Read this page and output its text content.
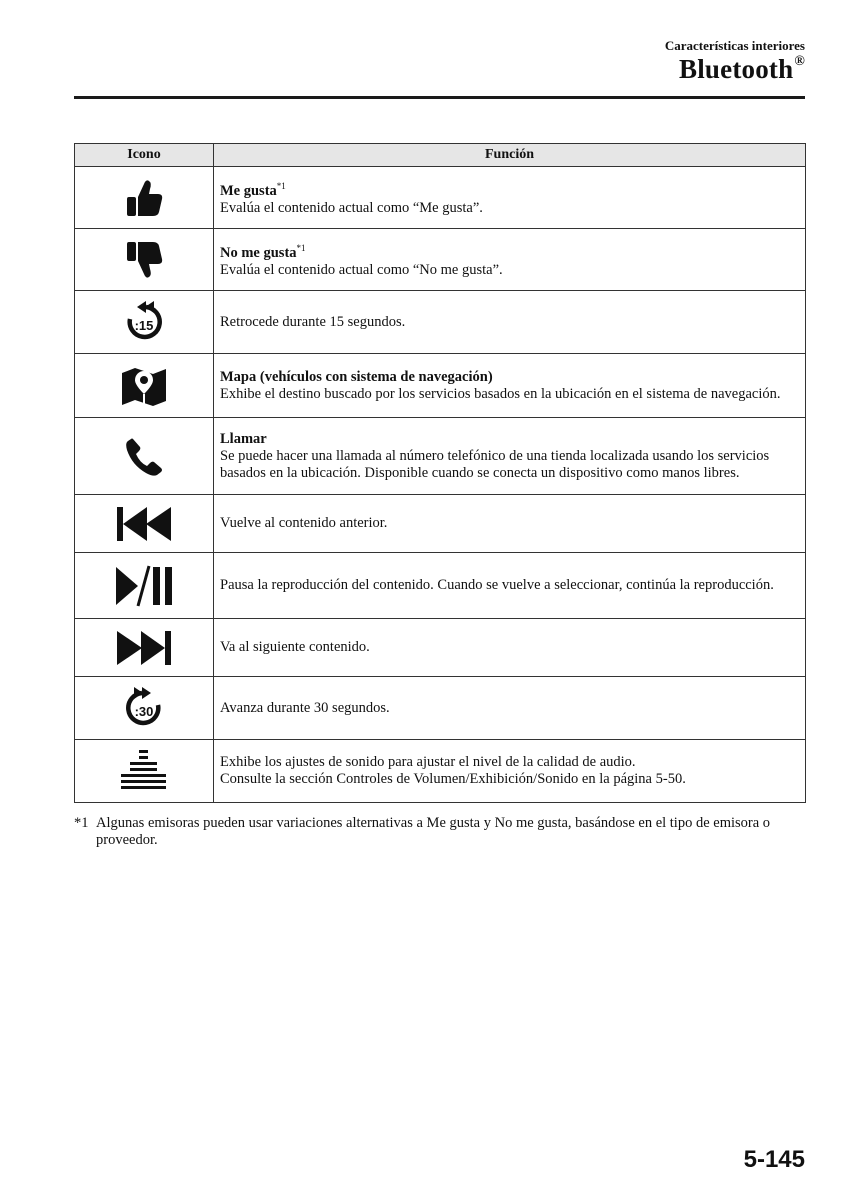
Características interiores
Bluetooth®
Icono	Función

Me gusta$^{*1}$
Evalúa el contenido actual como “Me gusta”.

No me gusta$^{*1}$
Evalúa el contenido actual como “No me gusta”.

:15	Retrocede durante 15 segundos.

Mapa (vehículos con sistema de navegación)
Exhibe el destino buscado por los servicios basados en la ubicación en el sistema de navegación.

Llamar
Se puede hacer una llamada al número telefónico de una tienda localizada usando los servicios basados en la ubicación. Disponible cuando se conecta un dispositivo como manos libres.

Vuelve al contenido anterior.

Pausa la reproducción del contenido. Cuando se vuelve a seleccionar, continúa la reproducción.

Va al siguiente contenido.

:30	Avanza durante 30 segundos.

Exhibe los ajustes de sonido para ajustar el nivel de la calidad de audio.
Consulte la sección Controles de Volumen/Exhibición/Sonido en la página 5-50.
*1 Algunas emisoras pueden usar variaciones alternativas a Me gusta y No me gusta, basándose en el tipo de emisora o proveedor.
5-145
